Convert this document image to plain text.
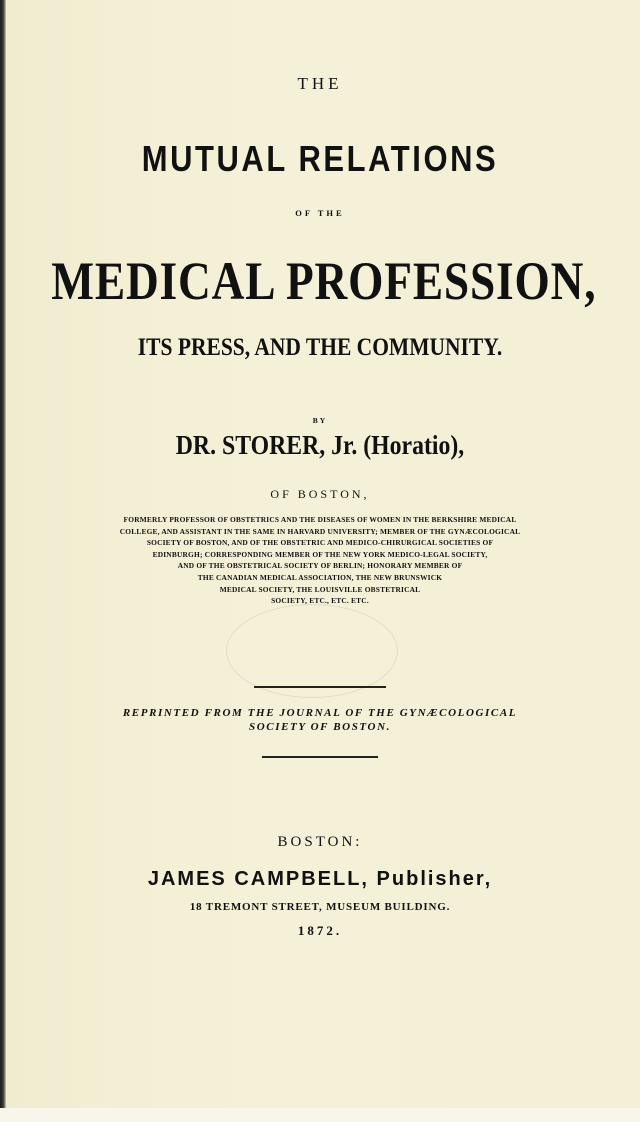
THE
MUTUAL RELATIONS
OF THE
MEDICAL PROFESSION,
ITS PRESS, AND THE COMMUNITY.
BY
DR. STORER, Jr. (Horatio),
OF BOSTON,
FORMERLY PROFESSOR OF OBSTETRICS AND THE DISEASES OF WOMEN IN THE BERKSHIRE MEDICAL
COLLEGE, AND ASSISTANT IN THE SAME IN HARVARD UNIVERSITY; MEMBER OF THE GYNÆCOLOGICAL
SOCIETY OF BOSTON, AND OF THE OBSTETRIC AND MEDICO-CHIRURGICAL SOCIETIES OF
EDINBURGH; CORRESPONDING MEMBER OF THE NEW YORK MEDICO-LEGAL SOCIETY,
AND OF THE OBSTETRICAL SOCIETY OF BERLIN; HONORARY MEMBER OF
THE CANADIAN MEDICAL ASSOCIATION, THE NEW BRUNSWICK
MEDICAL SOCIETY, THE LOUISVILLE OBSTETRICAL
SOCIETY, ETC., ETC. ETC.
REPRINTED FROM THE JOURNAL OF THE GYNÆCOLOGICAL
SOCIETY OF BOSTON.
BOSTON:
JAMES CAMPBELL, Publisher,
18 TREMONT STREET, MUSEUM BUILDING.
1872.
